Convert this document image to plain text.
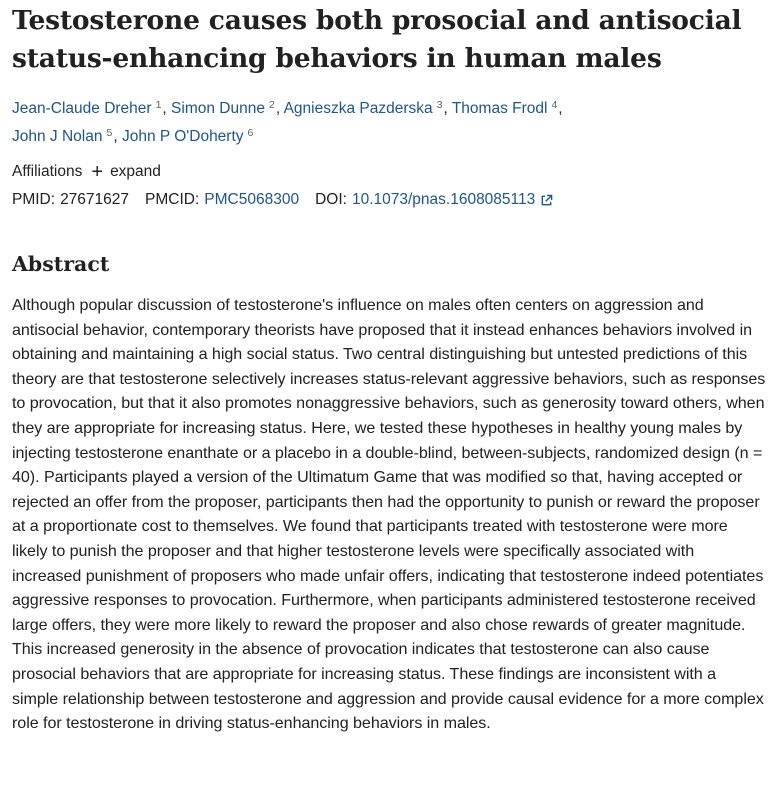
Testosterone causes both prosocial and antisocial status-enhancing behaviors in human males
Jean-Claude Dreher $^1$, Simon Dunne $^2$, Agnieszka Pazderska $^3$, Thomas Frodl $^4$,
John J Nolan $^5$, John P O'Doherty $^6$
Affiliations + expand
PMID: 27671627 PMCID: PMC5068300 DOI: 10.1073/pnas.1608085113
Abstract

Although popular discussion of testosterone's influence on males often centers on aggression and antisocial behavior, contemporary theorists have proposed that it instead enhances behaviors involved in obtaining and maintaining a high social status. Two central distinguishing but untested predictions of this theory are that testosterone selectively increases status-relevant aggressive behaviors, such as responses to provocation, but that it also promotes nonaggressive behaviors, such as generosity toward others, when they are appropriate for increasing status. Here, we tested these hypotheses in healthy young males by injecting testosterone enanthate or a placebo in a double-blind, between-subjects, randomized design (n = 40). Participants played a version of the Ultimatum Game that was modified so that, having accepted or rejected an offer from the proposer, participants then had the opportunity to punish or reward the proposer at a proportionate cost to themselves. We found that participants treated with testosterone were more likely to punish the proposer and that higher testosterone levels were specifically associated with increased punishment of proposers who made unfair offers, indicating that testosterone indeed potentiates aggressive responses to provocation. Furthermore, when participants administered testosterone received large offers, they were more likely to reward the proposer and also chose rewards of greater magnitude. This increased generosity in the absence of provocation indicates that testosterone can also cause prosocial behaviors that are appropriate for increasing status. These findings are inconsistent with a simple relationship between testosterone and aggression and provide causal evidence for a more complex role for testosterone in driving status-enhancing behaviors in males.
